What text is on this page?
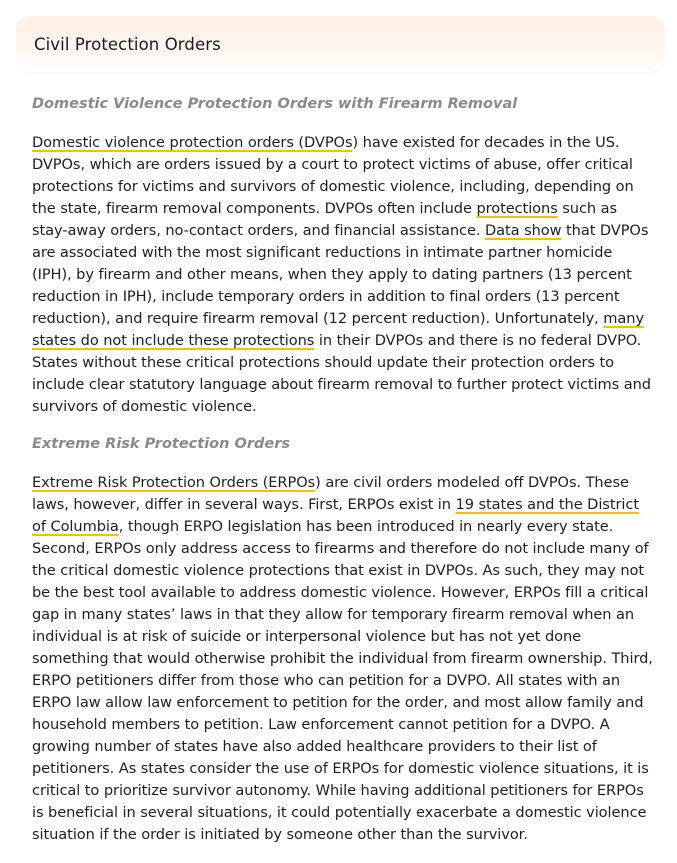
Civil Protection Orders
Domestic Violence Protection Orders with Firearm Removal

Domestic violence protection orders (DVPOs) have existed for decades in the US. DVPOs, which are orders issued by a court to protect victims of abuse, offer critical protections for victims and survivors of domestic violence, including, depending on the state, firearm removal components. DVPOs often include protections such as stay-away orders, no-contact orders, and financial assistance. Data show that DVPOs are associated with the most significant reductions in intimate partner homicide (IPH), by firearm and other means, when they apply to dating partners (13 percent reduction in IPH), include temporary orders in addition to final orders (13 percent reduction), and require firearm removal (12 percent reduction). Unfortunately, many states do not include these protections in their DVPOs and there is no federal DVPO. States without these critical protections should update their protection orders to include clear statutory language about firearm removal to further protect victims and survivors of domestic violence.

Extreme Risk Protection Orders

Extreme Risk Protection Orders (ERPOs) are civil orders modeled off DVPOs. These laws, however, differ in several ways. First, ERPOs exist in 19 states and the District of Columbia, though ERPO legislation has been introduced in nearly every state. Second, ERPOs only address access to firearms and therefore do not include many of the critical domestic violence protections that exist in DVPOs. As such, they may not be the best tool available to address domestic violence. However, ERPOs fill a critical gap in many states’ laws in that they allow for temporary firearm removal when an individual is at risk of suicide or interpersonal violence but has not yet done something that would otherwise prohibit the individual from firearm ownership. Third, ERPO petitioners differ from those who can petition for a DVPO. All states with an ERPO law allow law enforcement to petition for the order, and most allow family and household members to petition. Law enforcement cannot petition for a DVPO. A growing number of states have also added healthcare providers to their list of petitioners. As states consider the use of ERPOs for domestic violence situations, it is critical to prioritize survivor autonomy. While having additional petitioners for ERPOs is beneficial in several situations, it could potentially exacerbate a domestic violence situation if the order is initiated by someone other than the survivor.
